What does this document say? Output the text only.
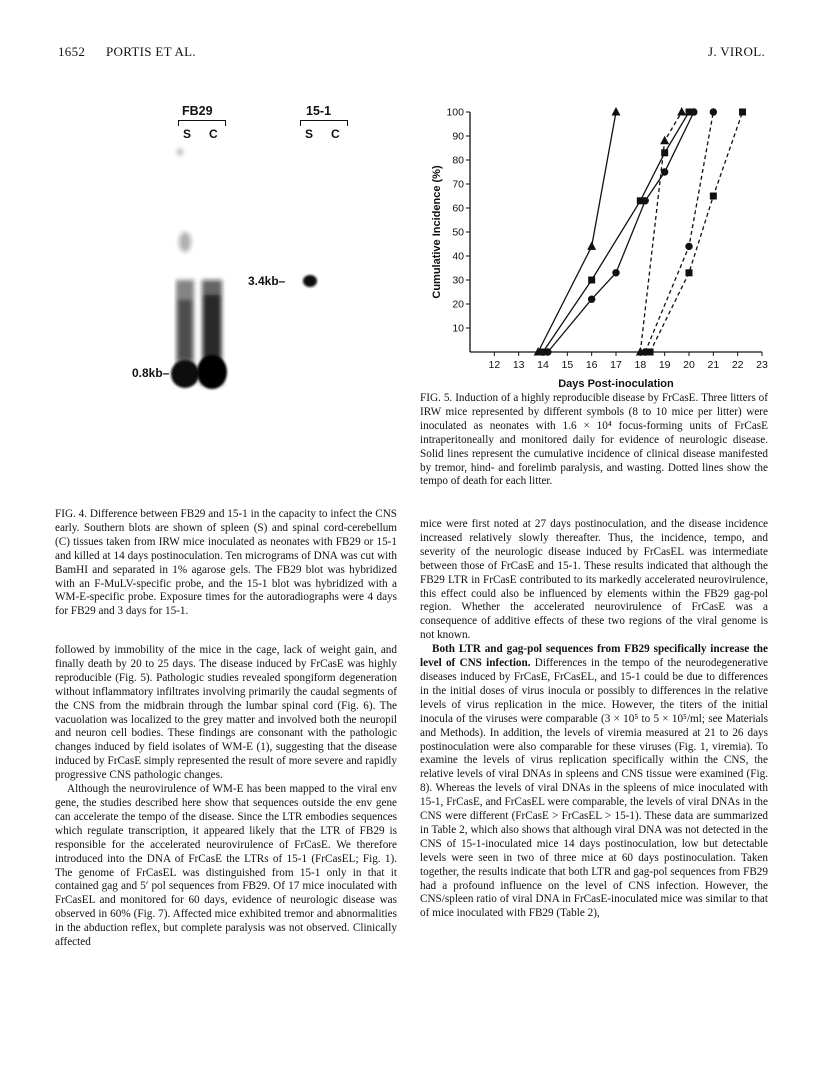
1652 PORTIS ET AL.	J. VIROL.
FB29
S C
15-1
S C
3.4kb–
0.8kb–
FIG. 4. Difference between FB29 and 15-1 in the capacity to infect the CNS early. Southern blots are shown of spleen (S) and spinal cord-cerebellum (C) tissues taken from IRW mice inoculated as neonates with FB29 or 15-1 and killed at 14 days postinoculation. Ten micrograms of DNA was cut with BamHI and separated in 1% agarose gels. The FB29 blot was hybridized with an F-MuLV-specific probe, and the 15-1 blot was hybridized with a WM-E-specific probe. Exposure times for the autoradiographs were 4 days for FB29 and 3 days for 15-1.
10
20
30
40
50
60
70
80
90
100
12 13 14 15 16 17 18 19 20 21 22 23
Days Post-inoculation
Cumulative Incidence (%)
FIG. 5. Induction of a highly reproducible disease by FrCasE. Three litters of IRW mice represented by different symbols (8 to 10 mice per litter) were inoculated as neonates with 1.6 × 10⁴ focus-forming units of FrCasE intraperitoneally and monitored daily for evidence of neurologic disease. Solid lines represent the cumulative incidence of clinical disease manifested by tremor, hind- and forelimb paralysis, and wasting. Dotted lines show the tempo of death for each litter.

followed by immobility of the mice in the cage, lack of weight gain, and finally death by 20 to 25 days. The disease induced by FrCasE was highly reproducible (Fig. 5). Pathologic studies revealed spongiform degeneration without inflammatory infiltrates involving primarily the caudal segments of the CNS from the midbrain through the lumbar spinal cord (Fig. 6). The vacuolation was localized to the grey matter and involved both the neuropil and neuron cell bodies. These findings are consonant with the pathologic changes induced by field isolates of WM-E (1), suggesting that the disease induced by FrCasE simply represented the result of more severe and rapidly progressive CNS pathologic changes.

Although the neurovirulence of WM-E has been mapped to the viral env gene, the studies described here show that sequences outside the env gene can accelerate the tempo of the disease. Since the LTR embodies sequences which regulate transcription, it appeared likely that the LTR of FB29 is responsible for the accelerated neurovirulence of FrCasE. We therefore introduced into the DNA of FrCasE the LTRs of 15-1 (FrCasEL; Fig. 1). The genome of FrCasEL was distinguished from 15-1 only in that it contained gag and 5′ pol sequences from FB29. Of 17 mice inoculated with FrCasEL and monitored for 60 days, evidence of neurologic disease was observed in 60% (Fig. 7). Affected mice exhibited tremor and abnormalities in the abduction reflex, but complete paralysis was not observed. Clinically affected

mice were first noted at 27 days postinoculation, and the disease incidence increased relatively slowly thereafter. Thus, the incidence, tempo, and severity of the neurologic disease induced by FrCasEL was intermediate between those of FrCasE and 15-1. These results indicated that although the FB29 LTR in FrCasE contributed to its markedly accelerated neurovirulence, this effect could also be influenced by elements within the FB29 gag-pol region. Whether the accelerated neurovirulence of FrCasE was a consequence of additive effects of these two regions of the viral genome is not known.

Both LTR and gag-pol sequences from FB29 specifically increase the level of CNS infection. Differences in the tempo of the neurodegenerative diseases induced by FrCasE, FrCasEL, and 15-1 could be due to differences in the initial doses of virus inocula or possibly to differences in the relative levels of virus replication in the mice. However, the titers of the initial inocula of the viruses were comparable (3 × 10⁵ to 5 × 10⁵/ml; see Materials and Methods). In addition, the levels of viremia measured at 21 to 26 days postinoculation were also comparable for these viruses (Fig. 1, viremia). To examine the levels of virus replication specifically within the CNS, the relative levels of viral DNAs in spleens and CNS tissue were examined (Fig. 8). Whereas the levels of viral DNAs in the spleens of mice inoculated with 15-1, FrCasE, and FrCasEL were comparable, the levels of viral DNAs in the CNS were different (FrCasE > FrCasEL > 15-1). These data are summarized in Table 2, which also shows that although viral DNA was not detected in the CNS of 15-1-inoculated mice 14 days postinoculation, low but detectable levels were seen in two of three mice at 60 days postinoculation. Taken together, the results indicate that both LTR and gag-pol sequences from FB29 had a profound influence on the level of CNS infection. However, the CNS/spleen ratio of viral DNA in FrCasE-inoculated mice was similar to that of mice inoculated with FB29 (Table 2),
